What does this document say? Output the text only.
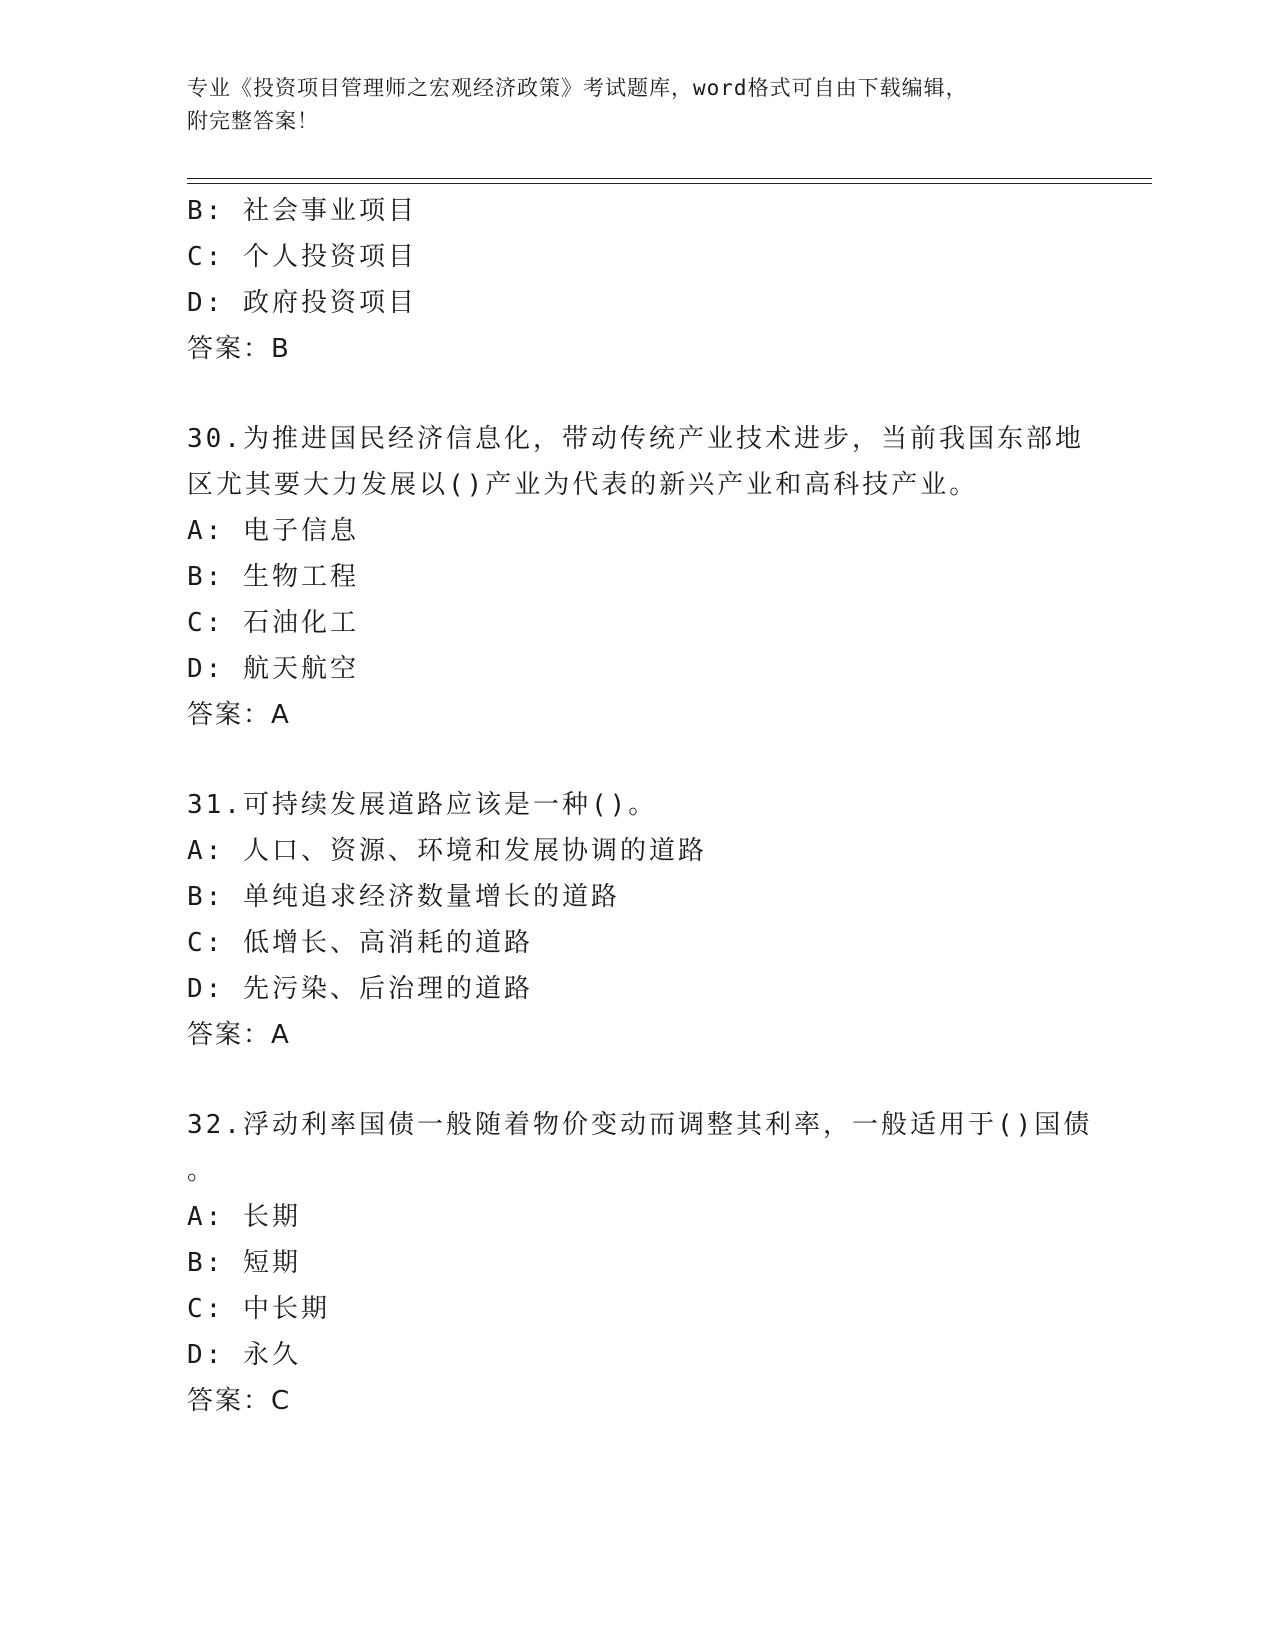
专业《投资项目管理师之宏观经济政策》考试题库，word格式可自由下载编辑，
附完整答案！
B: 社会事业项目
C: 个人投资项目
D: 政府投资项目
答案：B
30.为推进国民经济信息化，带动传统产业技术进步，当前我国东部地
区尤其要大力发展以()产业为代表的新兴产业和高科技产业。
A: 电子信息
B: 生物工程
C: 石油化工
D: 航天航空
答案：A
31.可持续发展道路应该是一种()。
A: 人口、资源、环境和发展协调的道路
B: 单纯追求经济数量增长的道路
C: 低增长、高消耗的道路
D: 先污染、后治理的道路
答案：A
32.浮动利率国债一般随着物价变动而调整其利率，一般适用于()国债
。
A: 长期
B: 短期
C: 中长期
D: 永久
答案：C
